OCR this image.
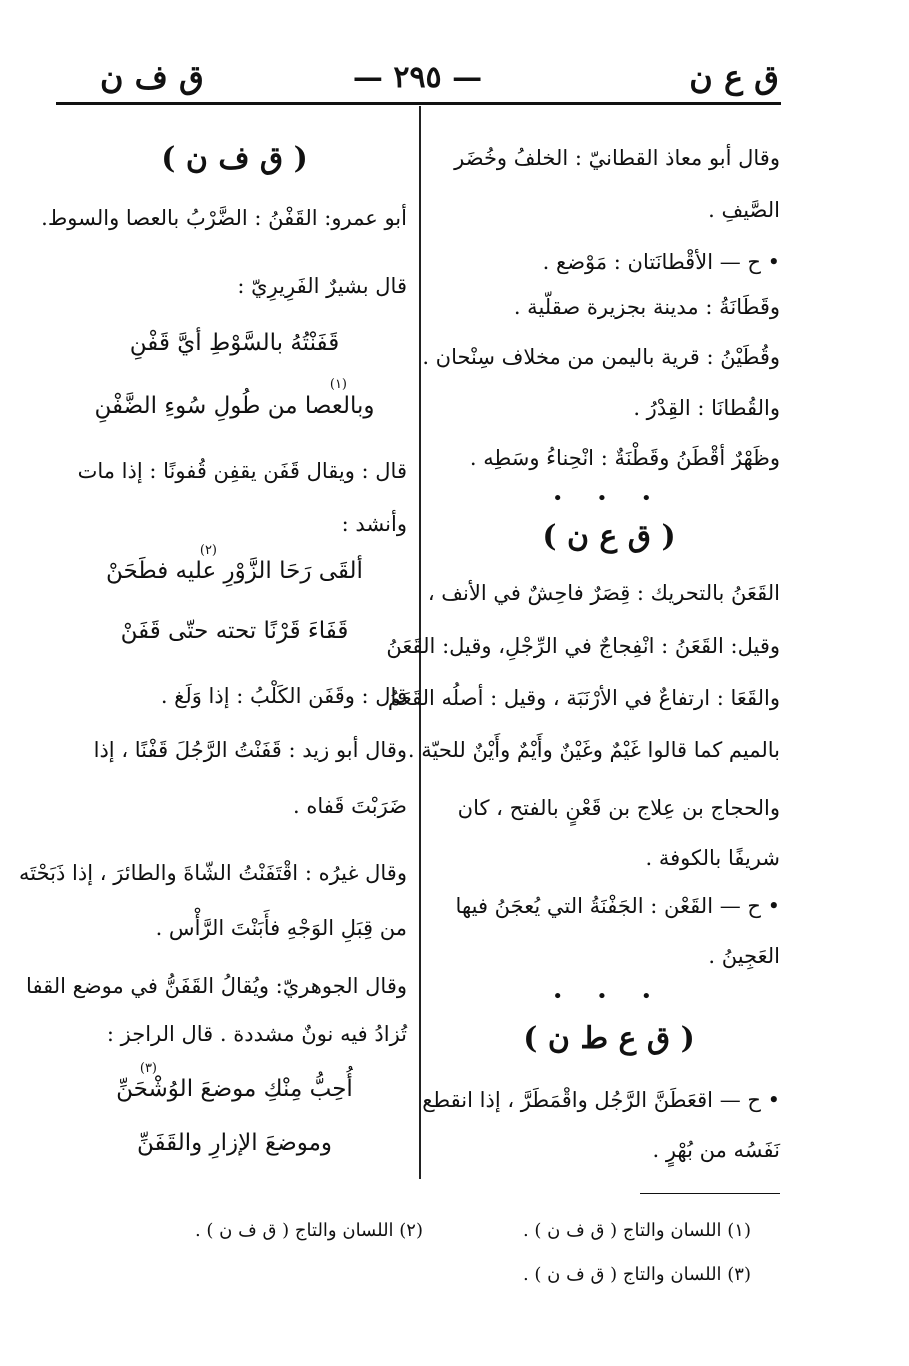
ق ع ن
— ٢٩٥ —
ق ف ن
وقال أبو معاذ القطانيّ : الخلفُ وخُضَر
الصَّيفِ .
• ح — الأقْطانَتان : مَوْضع .
وقَطَانَةُ : مدينة بجزيرة صقلّية .
وقُطَيْنُ : قرية باليمن من مخلاف سِنْحان .
والقُطانَا : القِدْرُ .
وظَهْرٌ أقْطَنُ وقَطْنَةٌ : انْحِناءُ وسَطِه .
• • •
( ق ع ن )
القَعَنُ بالتحريك : قِصَرٌ فاحِشٌ في الأنف ،
وقيل: القَعَنُ : انْفِجاجٌ في الرِّجْلِ، وقيل: القَعَنُ
والقَعَا : ارتفاعٌ في الأرْنَبَة ، وقيل : أصلُه القَعَمُ
بالميم كما قالوا غَيْمٌ وغَيْنٌ وأَيْمٌ وأَيْنٌ للحيّة .
والحجاج بن عِلاج بن قَعْنٍ بالفتح ، كان
شريفًا بالكوفة .
• ح — القَعْن : الجَفْنَةُ التي يُعجَنُ فيها
العَجِينُ .
• • •
( ق ع ط ن )
• ح — اقعَطَنَّ الرَّجُل واقْمَطَرَّ ، إذا انقطع
نَفَسُه من بُهْرٍ .
( ق ف ن )
أبو عمرو: القَفْنُ : الضَّرْبُ بالعصا والسوط.
قال بشيرٌ الفَرِيرِيّ :
قَفَنْتُهُ بالسَّوْطِ أيَّ قَفْنِ
(١)
وبالعصا من طُولِ سُوءِ الضَّفْنِ
قال : ويقال قَفَن يقفِن قُفونًا : إذا مات
وأنشد :
(٢)
ألقَى رَحَا الزَّوْرِ عليه فطَحَنْ
قَفَاءَ قَرْنًا تحته حتّى قَفَنْ
قال : وقَفَن الكَلْبُ : إذا وَلَغ .
وقال أبو زيد : قَفَنْتُ الرَّجُلَ قَفْنًا ، إذا
ضَرَبْتَ قَفاه .
وقال غيرُه : اقْتَفَنْتُ الشّاةَ والطائرَ ، إذا ذَبَحْتَه
من قِبَلِ الوَجْهِ فأَبَنْتَ الرَّأْس .
وقال الجوهريّ: ويُقالُ القَفَنُّ في موضع القفا
تُزادُ فيه نونٌ مشددة . قال الراجز :
(٣)
أُحِبُّ مِنْكِ موضعَ الوُشْحَنِّ
وموضعَ الإزارِ والقَفَنِّ
(١) اللسان والتاج ( ق ف ن ) .
(٢) اللسان والتاج ( ق ف ن ) .
(٣) اللسان والتاج ( ق ف ن ) .
